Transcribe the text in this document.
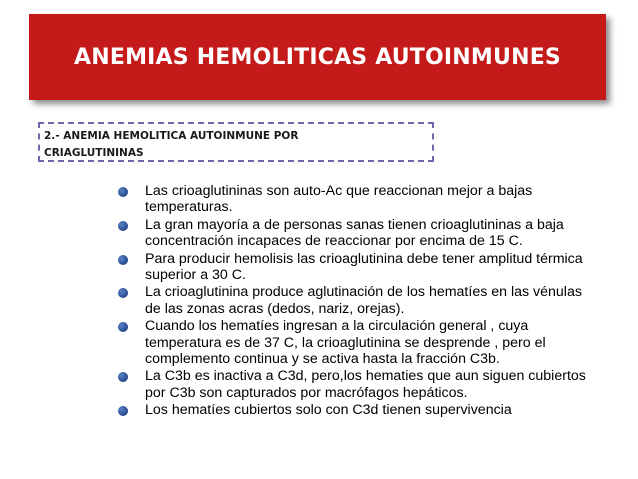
ANEMIAS HEMOLITICAS AUTOINMUNES
2.- ANEMIA HEMOLITICA AUTOINMUNE POR
CRIAGLUTININAS
Las crioaglutininas son auto-Ac que reaccionan mejor a bajas temperaturas.
La gran mayoría a de personas sanas tienen crioaglutininas a baja concentración incapaces de reaccionar por encima de 15 C.
Para producir hemolisis las crioaglutinina debe tener amplitud térmica superior a 30 C.
La crioaglutinina produce aglutinación de los hematíes en las vénulas de las zonas acras (dedos, nariz, orejas).
Cuando los hematíes ingresan a la circulación general , cuya temperatura es de 37 C, la crioaglutinina se desprende , pero el complemento continua y se activa hasta la fracción C3b.
La C3b es inactiva a C3d, pero,los hematies que aun siguen cubiertos por C3b son capturados por macrófagos hepáticos.
Los hematíes cubiertos solo con C3d tienen supervivencia
